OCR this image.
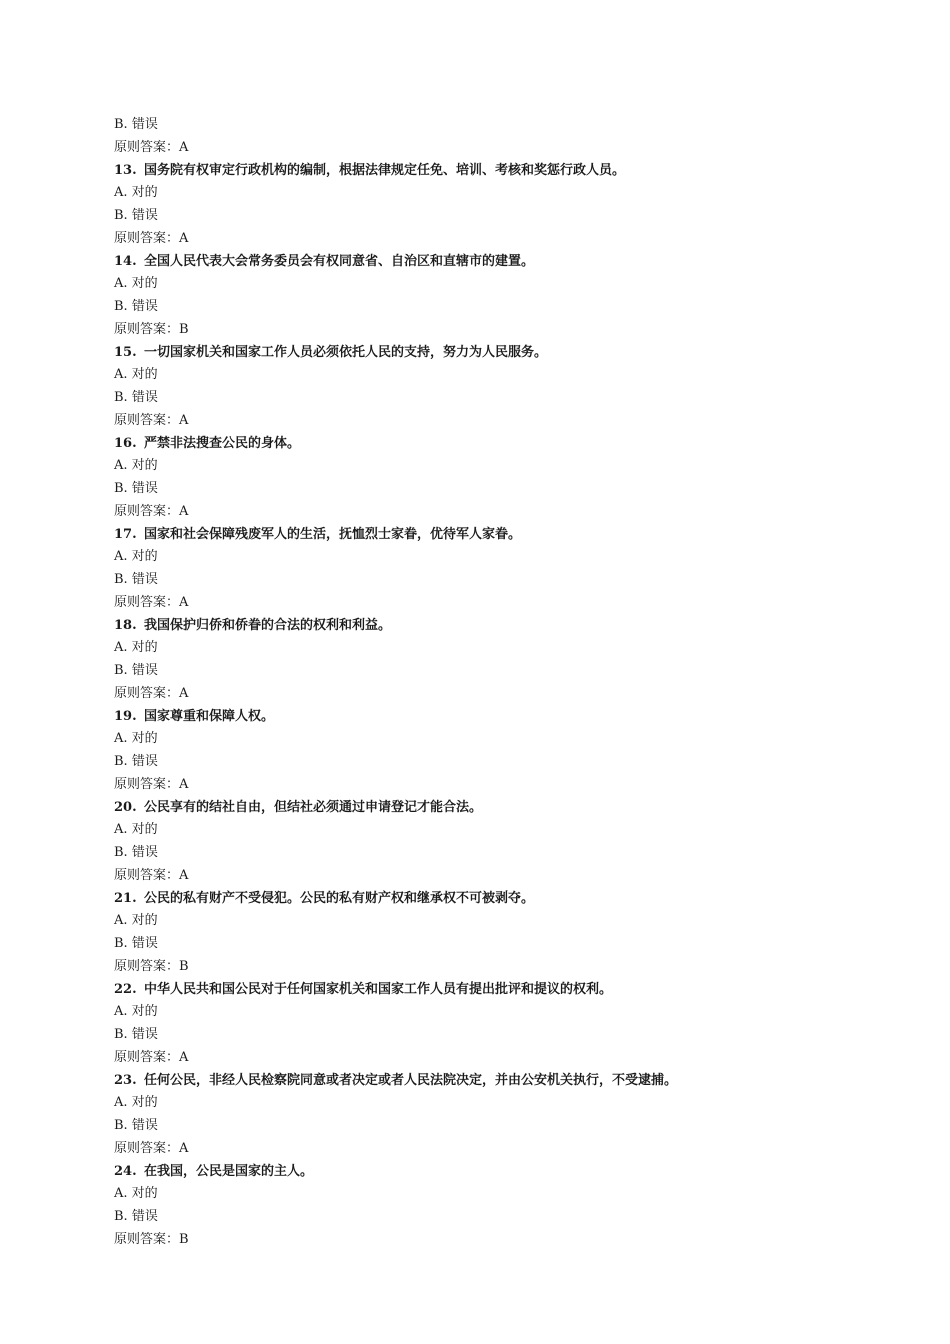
B. 错误
原则答案：A
13. 国务院有权审定行政机构的编制，根据法律规定任免、培训、考核和奖惩行政人员。
A. 对的
B. 错误
原则答案：A
14. 全国人民代表大会常务委员会有权同意省、自治区和直辖市的建置。
A. 对的
B. 错误
原则答案：B
15. 一切国家机关和国家工作人员必须依托人民的支持，努力为人民服务。
A. 对的
B. 错误
原则答案：A
16. 严禁非法搜查公民的身体。
A. 对的
B. 错误
原则答案：A
17. 国家和社会保障残废军人的生活，抚恤烈士家眷，优待军人家眷。
A. 对的
B. 错误
原则答案：A
18. 我国保护归侨和侨眷的合法的权利和利益。
A. 对的
B. 错误
原则答案：A
19. 国家尊重和保障人权。
A. 对的
B. 错误
原则答案：A
20. 公民享有的结社自由，但结社必须通过申请登记才能合法。
A. 对的
B. 错误
原则答案：A
21. 公民的私有财产不受侵犯。公民的私有财产权和继承权不可被剥夺。
A. 对的
B. 错误
原则答案：B
22. 中华人民共和国公民对于任何国家机关和国家工作人员有提出批评和提议的权利。
A. 对的
B. 错误
原则答案：A
23. 任何公民，非经人民检察院同意或者决定或者人民法院决定，并由公安机关执行，不受逮捕。
A. 对的
B. 错误
原则答案：A
24. 在我国，公民是国家的主人。
A. 对的
B. 错误
原则答案：B
